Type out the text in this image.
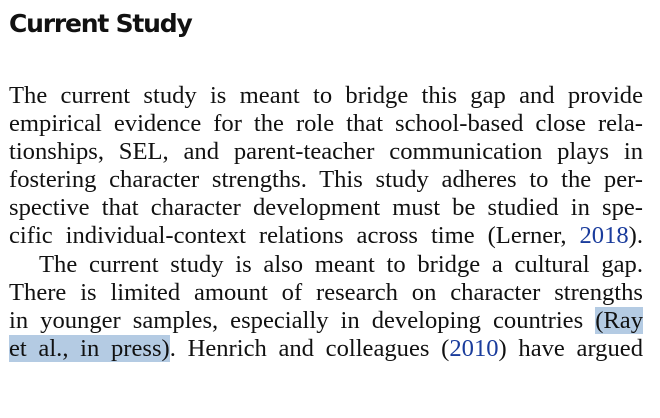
Current Study
The current study is meant to bridge this gap and provide
empirical evidence for the role that school-based close rela-
tionships, SEL, and parent-teacher communication plays in
fostering character strengths. This study adheres to the per-
spective that character development must be studied in spe-
cific individual-context relations across time (Lerner, 2018).
The current study is also meant to bridge a cultural gap.
There is limited amount of research on character strengths
in younger samples, especially in developing countries (Ray
et al., in press). Henrich and colleagues (2010) have argued
